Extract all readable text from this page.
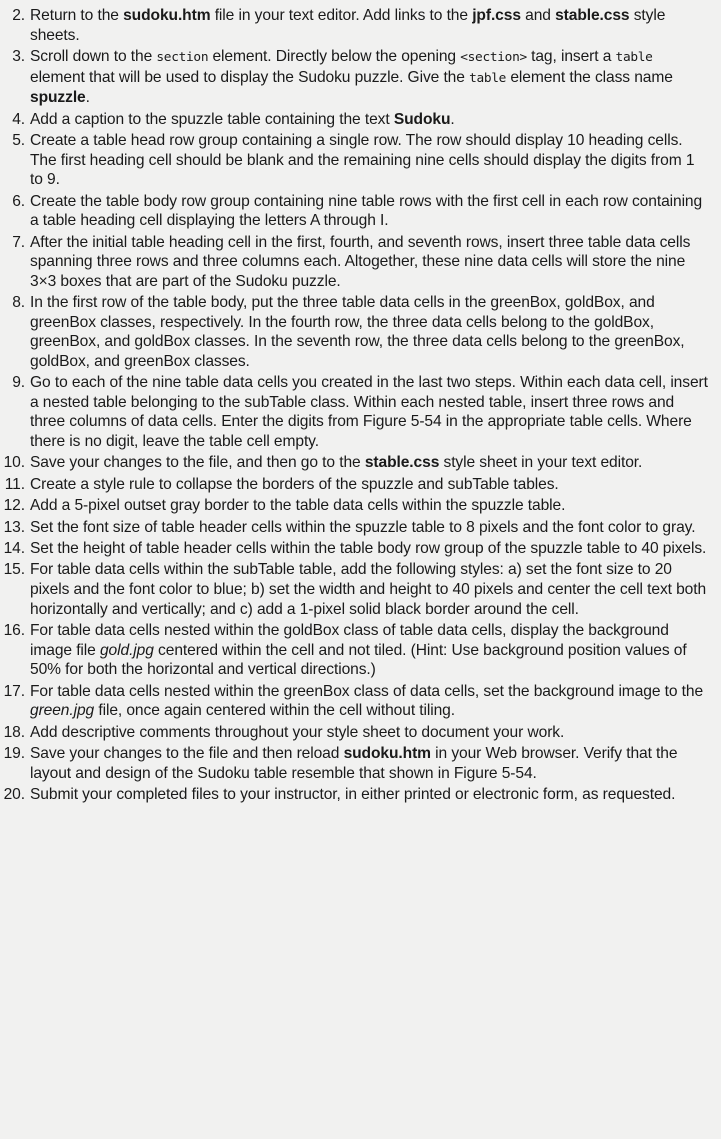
2. Return to the sudoku.htm file in your text editor. Add links to the jpf.css and stable.css style sheets.
3. Scroll down to the section element. Directly below the opening <section> tag, insert a table element that will be used to display the Sudoku puzzle. Give the table element the class name spuzzle.
4. Add a caption to the spuzzle table containing the text Sudoku.
5. Create a table head row group containing a single row. The row should display 10 heading cells. The first heading cell should be blank and the remaining nine cells should display the digits from 1 to 9.
6. Create the table body row group containing nine table rows with the first cell in each row containing a table heading cell displaying the letters A through I.
7. After the initial table heading cell in the first, fourth, and seventh rows, insert three table data cells spanning three rows and three columns each. Altogether, these nine data cells will store the nine 3×3 boxes that are part of the Sudoku puzzle.
8. In the first row of the table body, put the three table data cells in the greenBox, goldBox, and greenBox classes, respectively. In the fourth row, the three data cells belong to the goldBox, greenBox, and goldBox classes. In the seventh row, the three data cells belong to the greenBox, goldBox, and greenBox classes.
9. Go to each of the nine table data cells you created in the last two steps. Within each data cell, insert a nested table belonging to the subTable class. Within each nested table, insert three rows and three columns of data cells. Enter the digits from Figure 5-54 in the appropriate table cells. Where there is no digit, leave the table cell empty.
10. Save your changes to the file, and then go to the stable.css style sheet in your text editor.
11. Create a style rule to collapse the borders of the spuzzle and subTable tables.
12. Add a 5-pixel outset gray border to the table data cells within the spuzzle table.
13. Set the font size of table header cells within the spuzzle table to 8 pixels and the font color to gray.
14. Set the height of table header cells within the table body row group of the spuzzle table to 40 pixels.
15. For table data cells within the subTable table, add the following styles: a) set the font size to 20 pixels and the font color to blue; b) set the width and height to 40 pixels and center the cell text both horizontally and vertically; and c) add a 1-pixel solid black border around the cell.
16. For table data cells nested within the goldBox class of table data cells, display the background image file gold.jpg centered within the cell and not tiled. (Hint: Use background position values of 50% for both the horizontal and vertical directions.)
17. For table data cells nested within the greenBox class of data cells, set the background image to the green.jpg file, once again centered within the cell without tiling.
18. Add descriptive comments throughout your style sheet to document your work.
19. Save your changes to the file and then reload sudoku.htm in your Web browser. Verify that the layout and design of the Sudoku table resemble that shown in Figure 5-54.
20. Submit your completed files to your instructor, in either printed or electronic form, as requested.
